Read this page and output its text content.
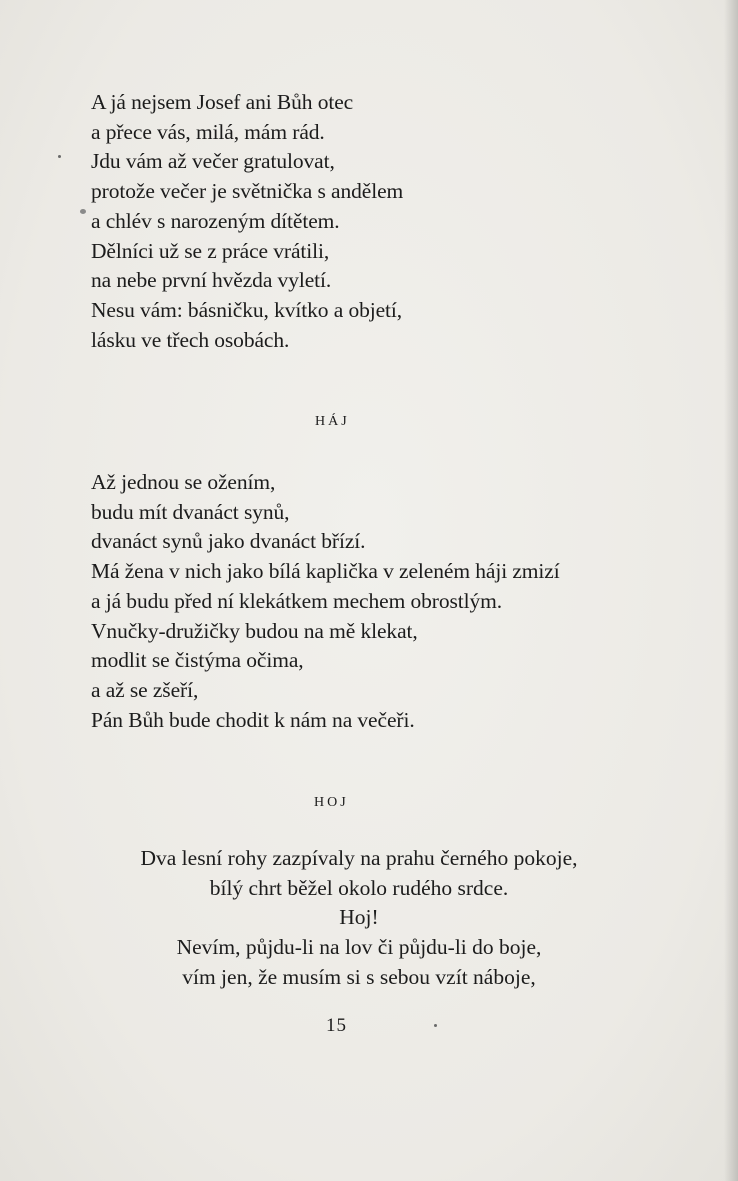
A já nejsem Josef ani Bůh otec
a přece vás, milá, mám rád.
Jdu vám až večer gratulovat,
protože večer je světnička s andělem
a chlév s narozeným dítětem.
Dělníci už se z práce vrátili,
na nebe první hvězda vyletí.
Nesu vám: básničku, kvítko a objetí,
lásku ve třech osobách.
HÁJ
Až jednou se ožením,
budu mít dvanáct synů,
dvanáct synů jako dvanáct břízí.
Má žena v nich jako bílá kaplička v zeleném háji zmizí
a já budu před ní klekátkem mechem obrostlým.
Vnučky-družičky budou na mě klekat,
modlit se čistýma očima,
a až se zšeří,
Pán Bůh bude chodit k nám na večeři.
HOJ
Dva lesní rohy zazpívaly na prahu černého pokoje,
bílý chrt běžel okolo rudého srdce.
Hoj!
Nevím, půjdu-li na lov či půjdu-li do boje,
vím jen, že musím si s sebou vzít náboje,
15
